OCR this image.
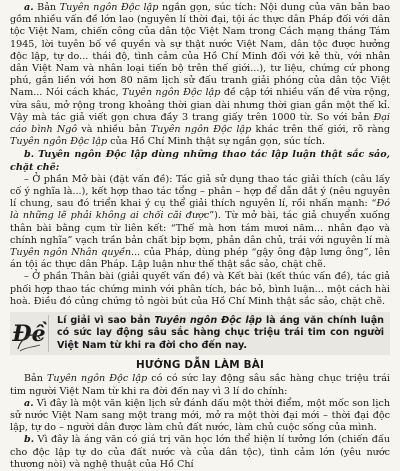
a. Bản Tuyên ngôn Độc lập ngắn gọn, súc tích: Nội dung của văn bản bao gồm nhiều vấn đề lớn lao (nguyên lí thời đại, tội ác thực dân Pháp đối với dân tộc Việt Nam, chiến công của dân tộc Việt Nam trong Cách mạng tháng Tám 1945, lời tuyên bố về quyền và sự thật nước Việt Nam, dân tộc được hưởng độc lập, tự do... thái độ, tình cảm của Hồ Chí Minh đối với kẻ thù, với nhân dân Việt Nam và nhân loại tiến bộ trên thế giới...), tư liệu, chứng cứ phong phú, gắn liền với hơn 80 năm lịch sử đấu tranh giải phóng của dân tộc Việt Nam... Nói cách khác, Tuyên ngôn Độc lập đề cập tới nhiều vấn đề vừa rộng, vừa sâu, mở rộng trong khoảng thời gian dài nhưng thời gian gắn một thế kỉ. Vậy mà tác giả viết gọn chưa đầy 3 trang giấy trên 1000 từ. So với bản Đại cáo bình Ngô và nhiều bản Tuyên ngôn Độc lập khác trên thế giới, rõ ràng Tuyên ngôn Độc lập của Hồ Chí Minh thật sự ngắn gọn, súc tích.

b. Tuyên ngôn Độc lập dùng những thao tác lập luận thật sắc sảo, chặt chẽ:

– Ở phần Mở bài (đặt vấn đề): Tác giả sử dụng thao tác giải thích (câu lấy cố ý nghĩa là...), kết hợp thao tác tổng – phân – hợp để dẫn dắt ý (nêu nguyên lí chung, sau đó triển khai ý cụ thể giải thích nguyên lí, rồi nhấn mạnh: “Đó là những lẽ phải không ai chối cãi được”). Từ mở bài, tác giả chuyển xuống thân bài bằng cụm từ liên kết: “Thế mà hơn tám mươi năm... nhân đạo và chính nghĩa” vạch trần bản chất bịp bợm, phản dân chủ, trái với nguyên lí mà Tuyên ngôn Nhân quyền... của Pháp, dùng phép “gậy ông đập lưng ông”, lên án tội ác thực dân Pháp. Lập luận như thế thật sắc sảo, chặt chẽ.

– Ở phần Thân bài (giải quyết vấn đề) và Kết bài (kết thúc vấn đề), tác giả phối hợp thao tác chứng minh với phân tích, bác bỏ, bình luận... một cách hài hoà. Điều đó củng chứng tỏ ngòi bút của Hồ Chí Minh thật sắc sảo, chặt chẽ.

Đề
Lí giải vì sao bản Tuyên ngôn Độc lập là áng văn chính luận có sức lay động sâu sắc hàng chục triệu trái tim con người Việt Nam từ khi ra đời cho đến nay.
HƯỚNG DẪN LÀM BÀI

Bản Tuyên ngôn Độc lập có có sức lay động sâu sắc hàng chục triệu trái tim người Việt Nam từ khi ra đời đến nay vì 3 lí do chính:

a. Vì đây là một văn kiện lịch sử đánh dấu một thời điểm, một mốc son lịch sử nước Việt Nam sang một trang mới, mở ra một thời đại mới – thời đại độc lập, tự do – người dân được làm chủ đất nước, làm chủ cuộc sống của mình.

b. Vì đây là áng văn có giá trị văn học lớn thể hiện lí tưởng lớn (chiến đấu cho độc lập tự do của đất nước và của dân tộc), tình cảm lớn (yêu nước thương nòi) và nghệ thuật của Hồ Chí
